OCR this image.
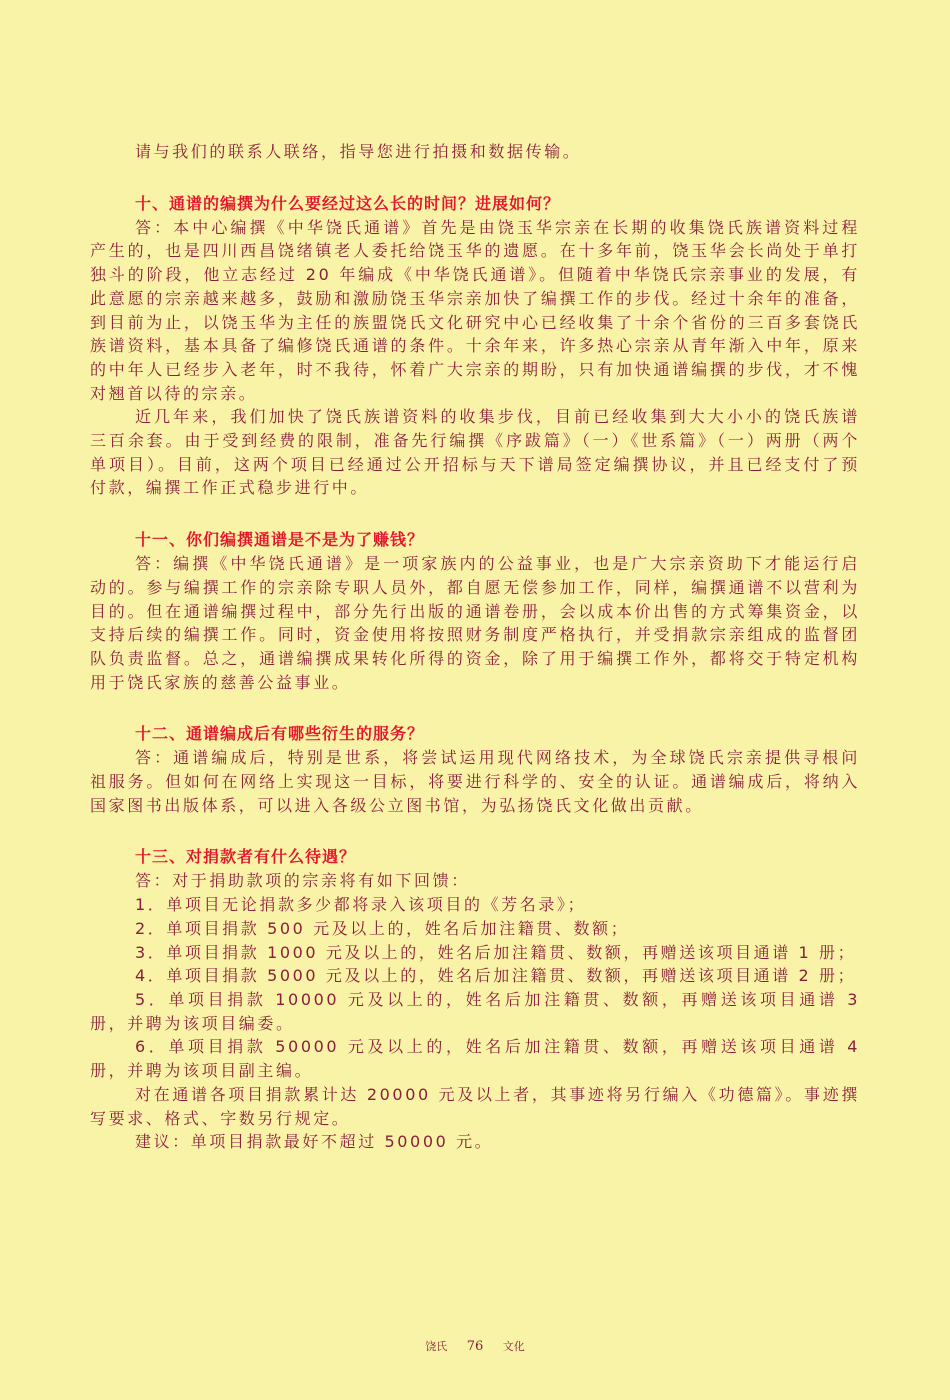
请与我们的联系人联络，指导您进行拍摄和数据传输。

十、通谱的编撰为什么要经过这么长的时间？进展如何？

答：本中心编撰《中华饶氏通谱》首先是由饶玉华宗亲在长期的收集饶氏族谱资料过程产生的，也是四川西昌饶绪镇老人委托给饶玉华的遗愿。在十多年前，饶玉华会长尚处于单打独斗的阶段，他立志经过 20 年编成《中华饶氏通谱》。但随着中华饶氏宗亲事业的发展，有此意愿的宗亲越来越多，鼓励和激励饶玉华宗亲加快了编撰工作的步伐。经过十余年的准备，到目前为止，以饶玉华为主任的族盟饶氏文化研究中心已经收集了十余个省份的三百多套饶氏族谱资料，基本具备了编修饶氏通谱的条件。十余年来，许多热心宗亲从青年渐入中年，原来的中年人已经步入老年，时不我待，怀着广大宗亲的期盼，只有加快通谱编撰的步伐，才不愧对翘首以待的宗亲。

近几年来，我们加快了饶氏族谱资料的收集步伐，目前已经收集到大大小小的饶氏族谱三百余套。由于受到经费的限制，准备先行编撰《序跋篇》（一）《世系篇》（一）两册（两个单项目）。目前，这两个项目已经通过公开招标与天下谱局签定编撰协议，并且已经支付了预付款，编撰工作正式稳步进行中。

十一、你们编撰通谱是不是为了赚钱？

答：编撰《中华饶氏通谱》是一项家族内的公益事业，也是广大宗亲资助下才能运行启动的。参与编撰工作的宗亲除专职人员外，都自愿无偿参加工作，同样，编撰通谱不以营利为目的。但在通谱编撰过程中，部分先行出版的通谱卷册，会以成本价出售的方式筹集资金，以支持后续的编撰工作。同时，资金使用将按照财务制度严格执行，并受捐款宗亲组成的监督团队负责监督。总之，通谱编撰成果转化所得的资金，除了用于编撰工作外，都将交于特定机构用于饶氏家族的慈善公益事业。

十二、通谱编成后有哪些衍生的服务？

答：通谱编成后，特别是世系，将尝试运用现代网络技术，为全球饶氏宗亲提供寻根问祖服务。但如何在网络上实现这一目标，将要进行科学的、安全的认证。通谱编成后，将纳入国家图书出版体系，可以进入各级公立图书馆，为弘扬饶氏文化做出贡献。

十三、对捐款者有什么待遇？

答：对于捐助款项的宗亲将有如下回馈：

1．单项目无论捐款多少都将录入该项目的《芳名录》；

2．单项目捐款 500 元及以上的，姓名后加注籍贯、数额；

3．单项目捐款 1000 元及以上的，姓名后加注籍贯、数额，再赠送该项目通谱 1 册；

4．单项目捐款 5000 元及以上的，姓名后加注籍贯、数额，再赠送该项目通谱 2 册；

5．单项目捐款 10000 元及以上的，姓名后加注籍贯、数额，再赠送该项目通谱 3 册，并聘为该项目编委。

6．单项目捐款 50000 元及以上的，姓名后加注籍贯、数额，再赠送该项目通谱 4 册，并聘为该项目副主编。

对在通谱各项目捐款累计达 20000 元及以上者，其事迹将另行编入《功德篇》。事迹撰写要求、格式、字数另行规定。

建议：单项目捐款最好不超过 50000 元。

饶氏 76 文化
